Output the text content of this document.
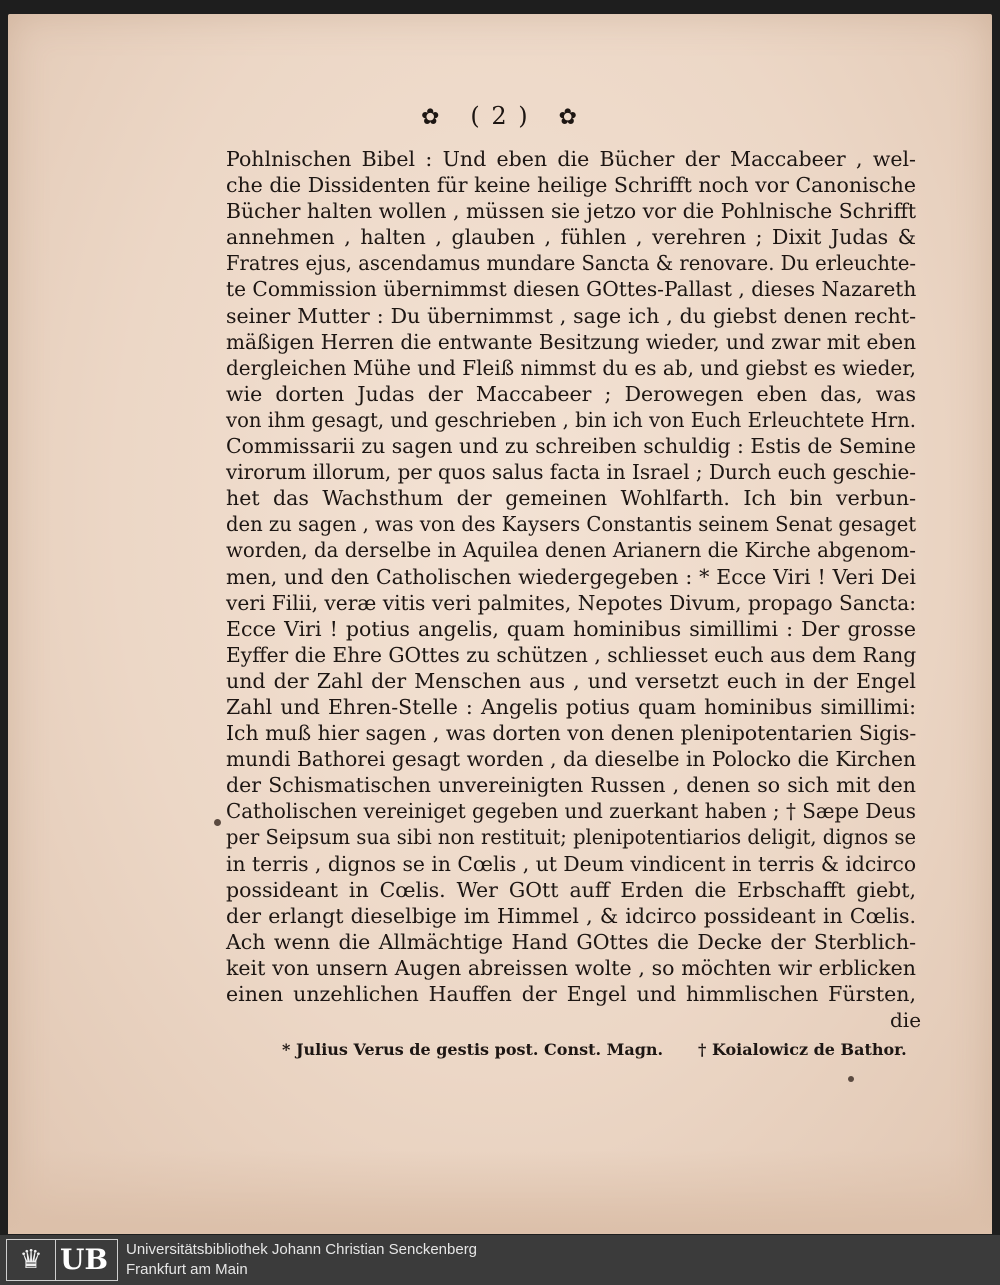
✿ ( 2 ) ✿
Pohlnischen Bibel : Und eben die Bücher der Maccabeer , wel-
che die Dissidenten für keine heilige Schrifft noch vor Canonische
Bücher halten wollen , müssen sie jetzo vor die Pohlnische Schrifft
annehmen , halten , glauben , fühlen , verehren ; Dixit Judas &
Fratres ejus, ascendamus mundare Sancta & renovare. Du erleuchte-
te Commission übernimmst diesen GOttes-Pallast , dieses Nazareth
seiner Mutter : Du übernimmst , sage ich , du giebst denen recht-
mäßigen Herren die entwante Besitzung wieder, und zwar mit eben
dergleichen Mühe und Fleiß nimmst du es ab, und giebst es wieder,
wie dorten Judas der Maccabeer ; Derowegen eben das, was
von ihm gesagt, und geschrieben , bin ich von Euch Erleuchtete Hrn.
Commissarii zu sagen und zu schreiben schuldig : Estis de Semine
virorum illorum, per quos salus facta in Israel ; Durch euch geschie-
het das Wachsthum der gemeinen Wohlfarth. Ich bin verbun-
den zu sagen , was von des Kaysers Constantis seinem Senat gesaget
worden, da derselbe in Aquilea denen Arianern die Kirche abgenom-
men, und den Catholischen wiedergegeben : * Ecce Viri ! Veri Dei
veri Filii, veræ vitis veri palmites, Nepotes Divum, propago Sancta:
Ecce Viri ! potius angelis, quam hominibus simillimi : Der grosse
Eyffer die Ehre GOttes zu schützen , schliesset euch aus dem Rang
und der Zahl der Menschen aus , und versetzt euch in der Engel
Zahl und Ehren-Stelle : Angelis potius quam hominibus simillimi:
Ich muß hier sagen , was dorten von denen plenipotentarien Sigis-
mundi Bathorei gesagt worden , da dieselbe in Polocko die Kirchen
der Schismatischen unvereinigten Russen , denen so sich mit den
Catholischen vereiniget gegeben und zuerkant haben ; † Sæpe Deus
per Seipsum sua sibi non restituit; plenipotentiarios deligit, dignos se
in terris , dignos se in Cœlis , ut Deum vindicent in terris & idcirco
possideant in Cœlis. Wer GOtt auff Erden die Erbschafft giebt,
der erlangt dieselbige im Himmel , & idcirco possideant in Cœlis.
Ach wenn die Allmächtige Hand GOttes die Decke der Sterblich-
keit von unsern Augen abreissen wolte , so möchten wir erblicken
einen unzehlichen Hauffen der Engel und himmlischen Fürsten,
die
* Julius Verus de gestis post. Const. Magn. † Koialowicz de Bathor.
♛ UB Universitätsbibliothek Johann Christian Senckenberg
Frankfurt am Main
